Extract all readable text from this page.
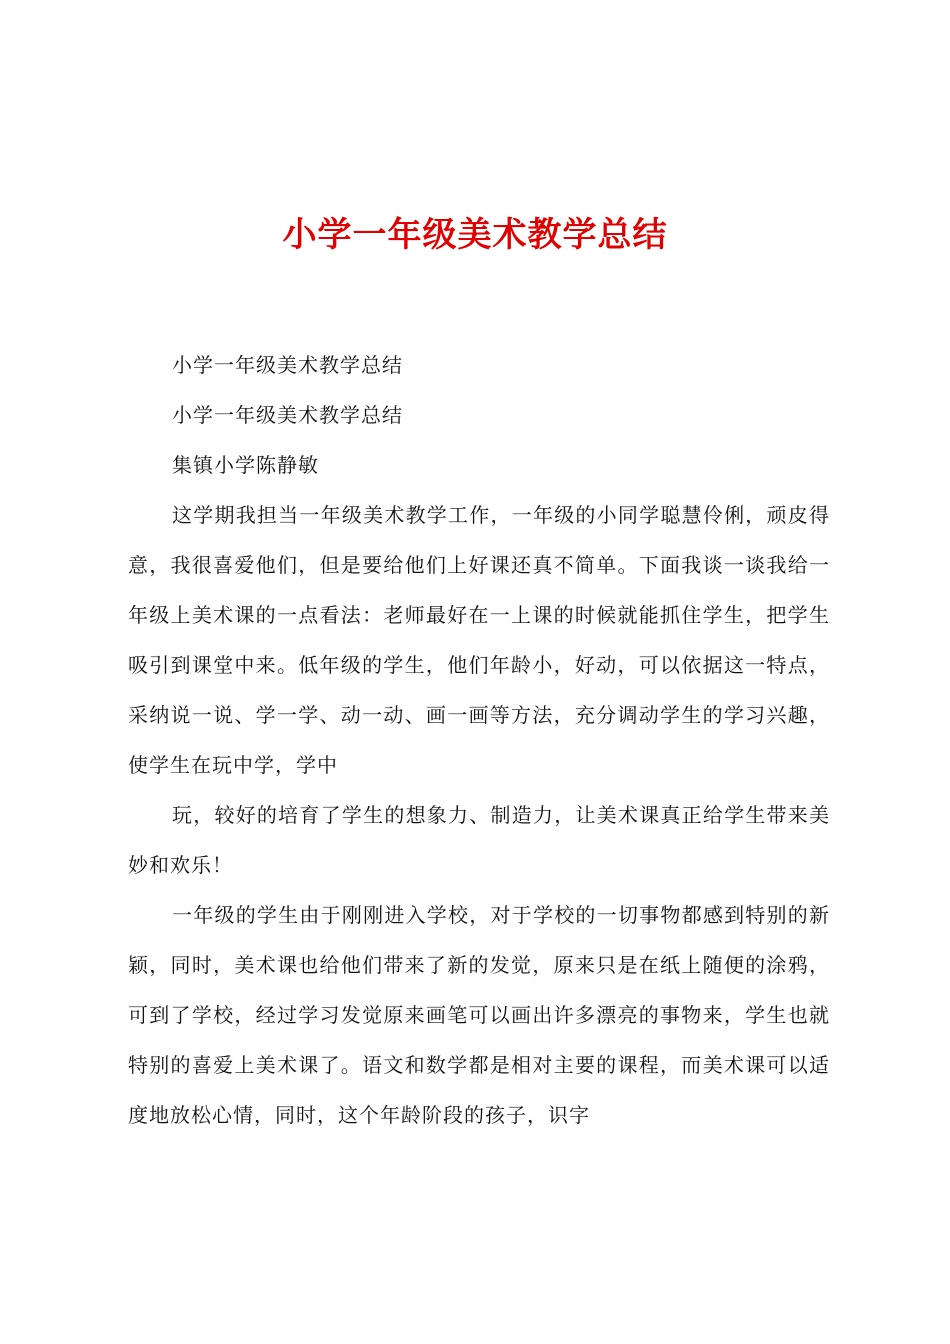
小学一年级美术教学总结

小学一年级美术教学总结

小学一年级美术教学总结

集镇小学陈静敏

这学期我担当一年级美术教学工作，一年级的小同学聪慧伶俐，顽皮得意，我很喜爱他们，但是要给他们上好课还真不简单。下面我谈一谈我给一年级上美术课的一点看法：老师最好在一上课的时候就能抓住学生，把学生吸引到课堂中来。低年级的学生，他们年龄小，好动，可以依据这一特点，采纳说一说、学一学、动一动、画一画等方法，充分调动学生的学习兴趣，使学生在玩中学，学中

玩，较好的培育了学生的想象力、制造力，让美术课真正给学生带来美妙和欢乐！

一年级的学生由于刚刚进入学校，对于学校的一切事物都感到特别的新颖，同时，美术课也给他们带来了新的发觉，原来只是在纸上随便的涂鸦，可到了学校，经过学习发觉原来画笔可以画出许多漂亮的事物来，学生也就特别的喜爱上美术课了。语文和数学都是相对主要的课程，而美术课可以适度地放松心情，同时，这个年龄阶段的孩子，识字
